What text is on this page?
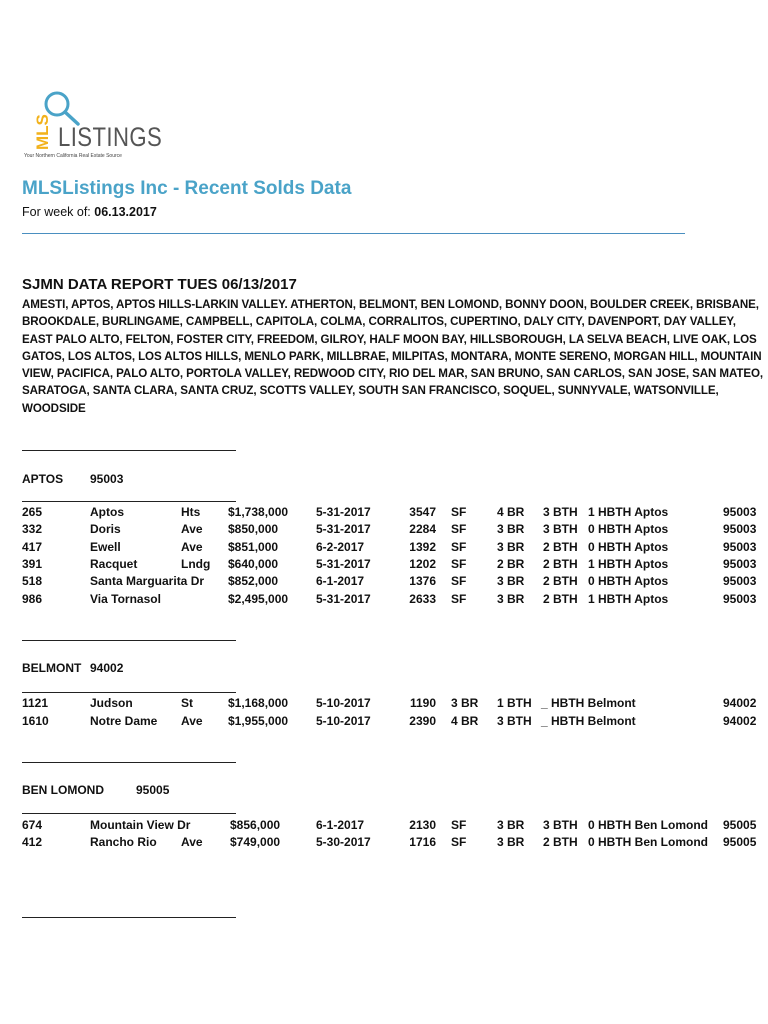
MLS LISTINGS
Your Northern California Real Estate Source
MLSListings Inc - Recent Solds Data
For week of: 06.13.2017
SJMN DATA REPORT TUES 06/13/2017
AMESTI, APTOS, APTOS HILLS-LARKIN VALLEY. ATHERTON, BELMONT, BEN LOMOND, BONNY DOON, BOULDER CREEK, BRISBANE, BROOKDALE, BURLINGAME, CAMPBELL, CAPITOLA, COLMA, CORRALITOS, CUPERTINO, DALY CITY, DAVENPORT, DAY VALLEY, EAST PALO ALTO, FELTON, FOSTER CITY, FREEDOM, GILROY, HALF MOON BAY, HILLSBOROUGH, LA SELVA BEACH, LIVE OAK, LOS GATOS, LOS ALTOS, LOS ALTOS HILLS, MENLO PARK, MILLBRAE, MILPITAS, MONTARA, MONTE SERENO, MORGAN HILL, MOUNTAIN VIEW, PACIFICA, PALO ALTO, PORTOLA VALLEY, REDWOOD CITY, RIO DEL MAR, SAN BRUNO, SAN CARLOS, SAN JOSE, SAN MATEO, SARATOGA, SANTA CLARA, SANTA CRUZ, SCOTTS VALLEY, SOUTH SAN FRANCISCO, SOQUEL, SUNNYVALE, WATSONVILLE, WOODSIDE
APTOS 95003
265	Aptos	Hts $1,738,000 5-31-2017	3547 SF	4 BR 3 BTH 1 HBTH Aptos	95003
332	Doris	Ave $850,000	5-31-2017	2284 SF	3 BR 3 BTH 0 HBTH Aptos	95003
417	Ewell	Ave $851,000	6-2-2017	1392 SF	3 BR 2 BTH 0 HBTH Aptos	95003
391	Racquet	Lndg $640,000	5-31-2017	1202 SF	2 BR 2 BTH 1 HBTH Aptos	95003
518	Santa Marguarita Dr $852,000	6-1-2017	1376 SF	3 BR 2 BTH 0 HBTH Aptos	95003
986	Via Tornasol	$2,495,000 5-31-2017	2633 SF	3 BR 2 BTH 1 HBTH Aptos	95003
BELMONT 94002
1121	Judson	St	$1,168,000 5-10-2017	1190 3 BR 1 BTH _ HBTH Belmont	94002
1610	Notre Dame Ave $1,955,000 5-10-2017	2390 4 BR 3 BTH _ HBTH Belmont	94002
BEN LOMOND	95005
674	Mountain View Dr	$856,000	6-1-2017	2130 SF	3 BR 3 BTH 0 HBTH Ben Lomond 95005
412	Rancho Rio Ave $749,000	5-30-2017	1716 SF	3 BR 2 BTH 0 HBTH Ben Lomond 95005
